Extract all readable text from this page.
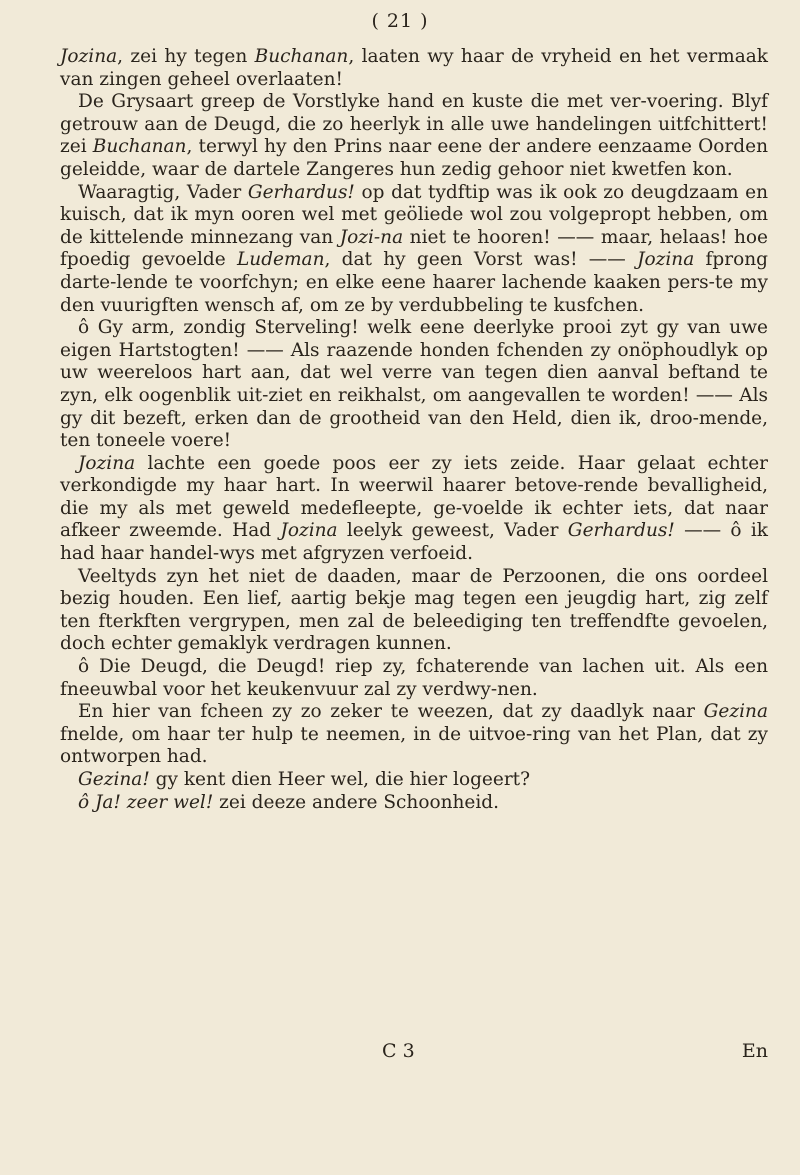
( 21 )

Jozina, zei hy tegen Buchanan, laaten wy haar de vryheid en het vermaak van zingen geheel overlaaten!

De Grysaart greep de Vorstlyke hand en kuste die met ver-voering. Blyf getrouw aan de Deugd, die zo heerlyk in alle uwe handelingen uitfchittert! zei Buchanan, terwyl hy den Prins naar eene der andere eenzaame Oorden geleidde, waar de dartele Zangeres hun zedig gehoor niet kwetfen kon.

Waaragtig, Vader Gerhardus! op dat tydftip was ik ook zo deugdzaam en kuisch, dat ik myn ooren wel met geöliede wol zou volgepropt hebben, om de kittelende minnezang van Jozi-na niet te hooren! —— maar, helaas! hoe fpoedig gevoelde Ludeman, dat hy geen Vorst was! —— Jozina fprong darte-lende te voorfchyn; en elke eene haarer lachende kaaken pers-te my den vuurigften wensch af, om ze by verdubbeling te kusfchen.

ô Gy arm, zondig Sterveling! welk eene deerlyke prooi zyt gy van uwe eigen Hartstogten! —— Als raazende honden fchenden zy onöphoudlyk op uw weereloos hart aan, dat wel verre van tegen dien aanval beftand te zyn, elk oogenblik uit-ziet en reikhalst, om aangevallen te worden! —— Als gy dit bezeft, erken dan de grootheid van den Held, dien ik, droo-mende, ten toneele voere!

Jozina lachte een goede poos eer zy iets zeide. Haar gelaat echter verkondigde my haar hart. In weerwil haarer betove-rende bevalligheid, die my als met geweld medefleepte, ge-voelde ik echter iets, dat naar afkeer zweemde. Had Jozina leelyk geweest, Vader Gerhardus! —— ô ik had haar handel-wys met afgryzen verfoeid.

Veeltyds zyn het niet de daaden, maar de Perzoonen, die ons oordeel bezig houden. Een lief, aartig bekje mag tegen een jeugdig hart, zig zelf ten fterkften vergrypen, men zal de beleediging ten treffendfte gevoelen, doch echter gemaklyk verdragen kunnen.

ô Die Deugd, die Deugd! riep zy, fchaterende van lachen uit. Als een fneeuwbal voor het keukenvuur zal zy verdwy-nen.

En hier van fcheen zy zo zeker te weezen, dat zy daadlyk naar Gezina fnelde, om haar ter hulp te neemen, in de uitvoe-ring van het Plan, dat zy ontworpen had.

Gezina! gy kent dien Heer wel, die hier logeert?

ô Ja! zeer wel! zei deeze andere Schoonheid.

C 3	En
